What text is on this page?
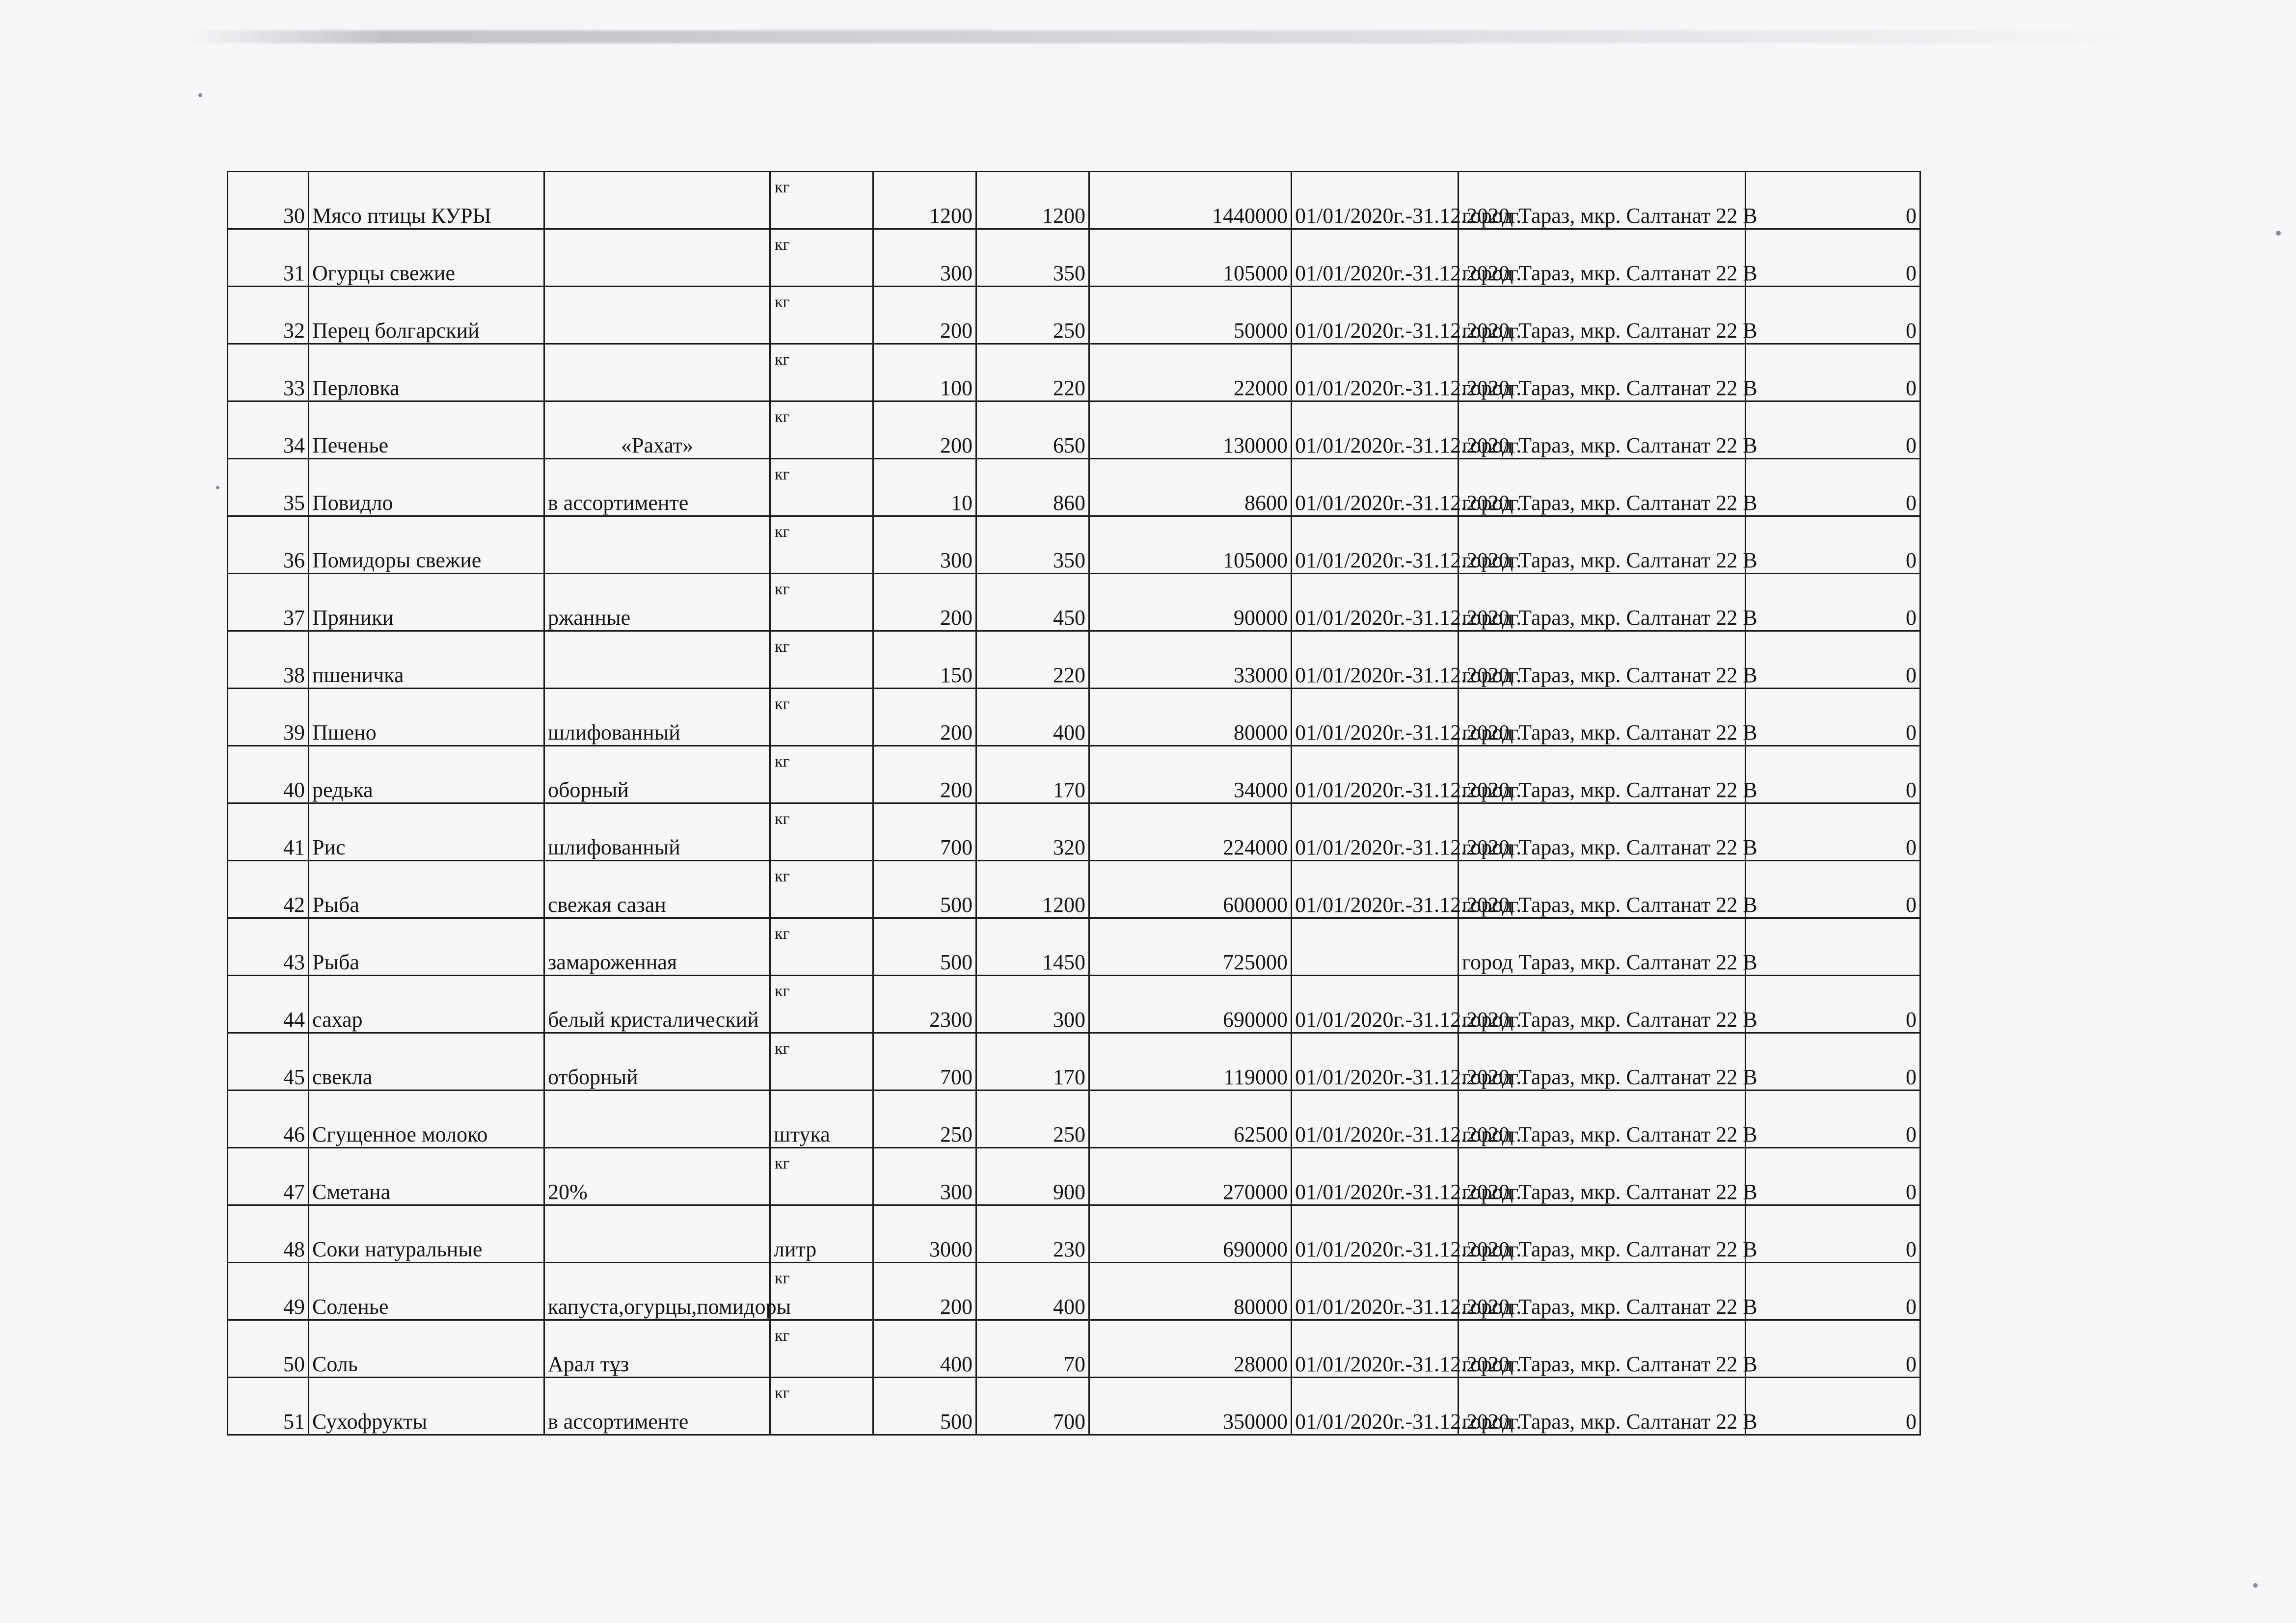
30	Мясо птицы КУРЫ		кг	1200	1200	1440000	01/01/2020г.-31.12.2020г.	город Тараз, мкр. Салтанат 22 В	0
31	Огурцы свежие		кг	300	350	105000	01/01/2020г.-31.12.2020г.	город Тараз, мкр. Салтанат 22 В	0
32	Перец болгарский		кг	200	250	50000	01/01/2020г.-31.12.2020г.	город Тараз, мкр. Салтанат 22 В	0
33	Перловка		кг	100	220	22000	01/01/2020г.-31.12.2020г.	город Тараз, мкр. Салтанат 22 В	0
34	Печенье	«Рахат»	кг	200	650	130000	01/01/2020г.-31.12.2020г.	город Тараз, мкр. Салтанат 22 В	0
35	Повидло	в ассортименте	кг	10	860	8600	01/01/2020г.-31.12.2020г.	город Тараз, мкр. Салтанат 22 В	0
36	Помидоры свежие		кг	300	350	105000	01/01/2020г.-31.12.2020г.	город Тараз, мкр. Салтанат 22 В	0
37	Пряники	ржанные	кг	200	450	90000	01/01/2020г.-31.12.2020г.	город Тараз, мкр. Салтанат 22 В	0
38	пшеничка		кг	150	220	33000	01/01/2020г.-31.12.2020г.	город Тараз, мкр. Салтанат 22 В	0
39	Пшено	шлифованный	кг	200	400	80000	01/01/2020г.-31.12.2020г.	город Тараз, мкр. Салтанат 22 В	0
40	редька	оборный	кг	200	170	34000	01/01/2020г.-31.12.2020г.	город Тараз, мкр. Салтанат 22 В	0
41	Рис	шлифованный	кг	700	320	224000	01/01/2020г.-31.12.2020г.	город Тараз, мкр. Салтанат 22 В	0
42	Рыба	свежая сазан	кг	500	1200	600000	01/01/2020г.-31.12.2020г.	город Тараз, мкр. Салтанат 22 В	0
43	Рыба	замароженная	кг	500	1450	725000		город Тараз, мкр. Салтанат 22 В	
44	сахар	белый кристалический	кг	2300	300	690000	01/01/2020г.-31.12.2020г.	город Тараз, мкр. Салтанат 22 В	0
45	свекла	отборный	кг	700	170	119000	01/01/2020г.-31.12.2020г.	город Тараз, мкр. Салтанат 22 В	0
46	Сгущенное молоко		штука	250	250	62500	01/01/2020г.-31.12.2020г.	город Тараз, мкр. Салтанат 22 В	0
47	Сметана	20%	кг	300	900	270000	01/01/2020г.-31.12.2020г.	город Тараз, мкр. Салтанат 22 В	0
48	Соки натуральные		литр	3000	230	690000	01/01/2020г.-31.12.2020г.	город Тараз, мкр. Салтанат 22 В	0
49	Соленье	капуста,огурцы,помидоры	кг	200	400	80000	01/01/2020г.-31.12.2020г.	город Тараз, мкр. Салтанат 22 В	0
50	Соль	Арал тұз	кг	400	70	28000	01/01/2020г.-31.12.2020г.	город Тараз, мкр. Салтанат 22 В	0
51	Сухофрукты	в ассортименте	кг	500	700	350000	01/01/2020г.-31.12.2020г.	город Тараз, мкр. Салтанат 22 В	0
